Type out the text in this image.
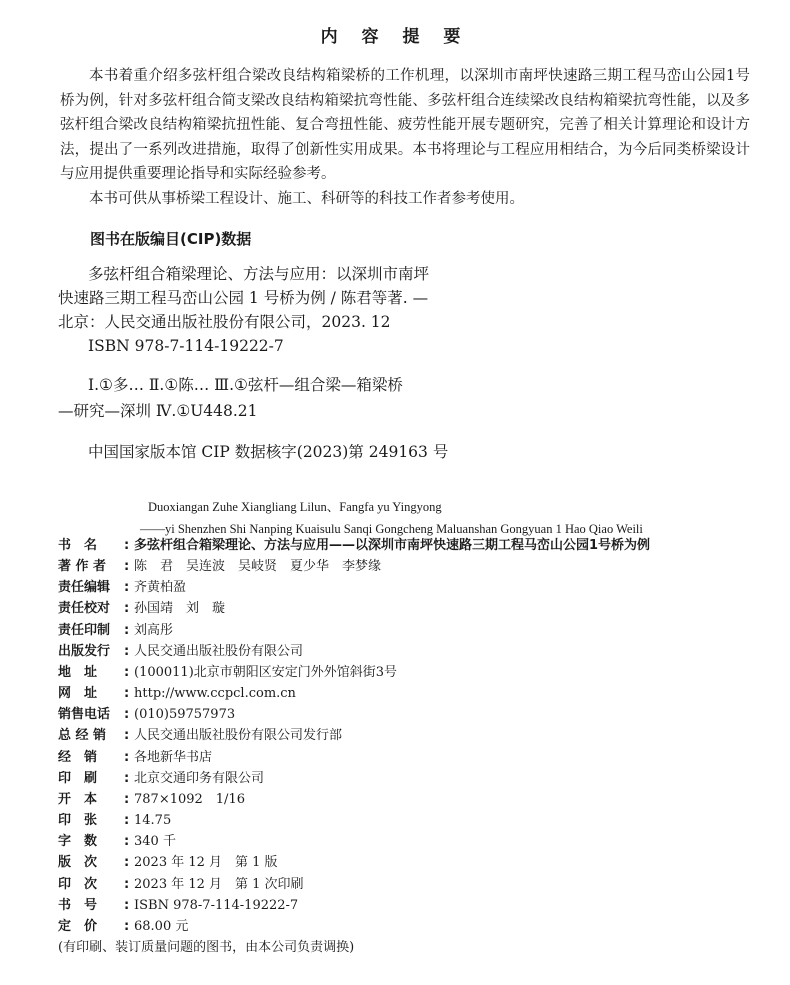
内 容 提 要

本书着重介绍多弦杆组合梁改良结构箱梁桥的工作机理，以深圳市南坪快速路三期工程马峦山公园1号桥为例，针对多弦杆组合简支梁改良结构箱梁抗弯性能、多弦杆组合连续梁改良结构箱梁抗弯性能，以及多弦杆组合梁改良结构箱梁抗扭性能、复合弯扭性能、疲劳性能开展专题研究，完善了相关计算理论和设计方法，提出了一系列改进措施，取得了创新性实用成果。本书将理论与工程应用相结合，为今后同类桥梁设计与应用提供重要理论指导和实际经验参考。

本书可供从事桥梁工程设计、施工、科研等的科技工作者参考使用。

图书在版编目(CIP)数据

多弦杆组合箱梁理论、方法与应用：以深圳市南坪

快速路三期工程马峦山公园 1 号桥为例 / 陈君等著. —

北京：人民交通出版社股份有限公司，2023. 12

ISBN 978-7-114-19222-7

Ⅰ.①多… Ⅱ.①陈… Ⅲ.①弦杆—组合梁—箱梁桥

—研究—深圳 Ⅳ.①U448.21

中国国家版本馆 CIP 数据核字(2023)第 249163 号
Duoxiangan Zuhe Xiangliang Lilun、Fangfa yu Yingyong
——yi Shenzhen Shi Nanping Kuaisulu Sanqi Gongcheng Maluanshan Gongyuan 1 Hao Qiao Weili
书　名	: 多弦杆组合箱梁理论、方法与应用——以深圳市南坪快速路三期工程马峦山公园1号桥为例
著 作 者	: 陈　君　吴连波　吴岐贤　夏少华　李梦缘
责任编辑	: 齐黄柏盈
责任校对	: 孙国靖　刘　璇
责任印制	: 刘高彤
出版发行	: 人民交通出版社股份有限公司
地　址	: (100011)北京市朝阳区安定门外外馆斜街3号
网　址	: http://www.ccpcl.com.cn
销售电话	: (010)59757973
总 经 销	: 人民交通出版社股份有限公司发行部
经　销	: 各地新华书店
印　刷	: 北京交通印务有限公司
开　本	: 787×1092　1/16
印　张	: 14.75
字　数	: 340 千
版　次	: 2023 年 12 月　第 1 版
印　次	: 2023 年 12 月　第 1 次印刷
书　号	: ISBN 978-7-114-19222-7
定　价	: 68.00 元
(有印刷、装订质量问题的图书，由本公司负责调换)
